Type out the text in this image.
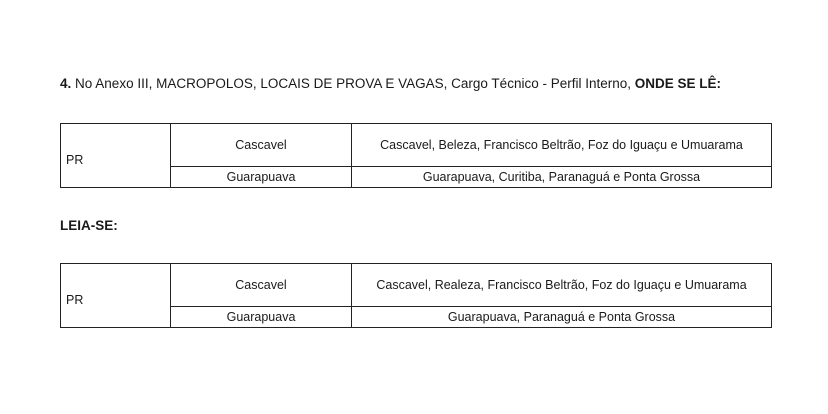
4. No Anexo III, MACROPOLOS, LOCAIS DE PROVA E VAGAS, Cargo Técnico - Perfil Interno, ONDE SE LÊ:
PR	Cascavel	Cascavel, Beleza, Francisco Beltrão, Foz do Iguaçu e Umuarama
	Guarapuava	Guarapuava, Curitiba, Paranaguá e Ponta Grossa
LEIA-SE:
PR	Cascavel	Cascavel, Realeza, Francisco Beltrão, Foz do Iguaçu e Umuarama
	Guarapuava	Guarapuava, Paranaguá e Ponta Grossa
